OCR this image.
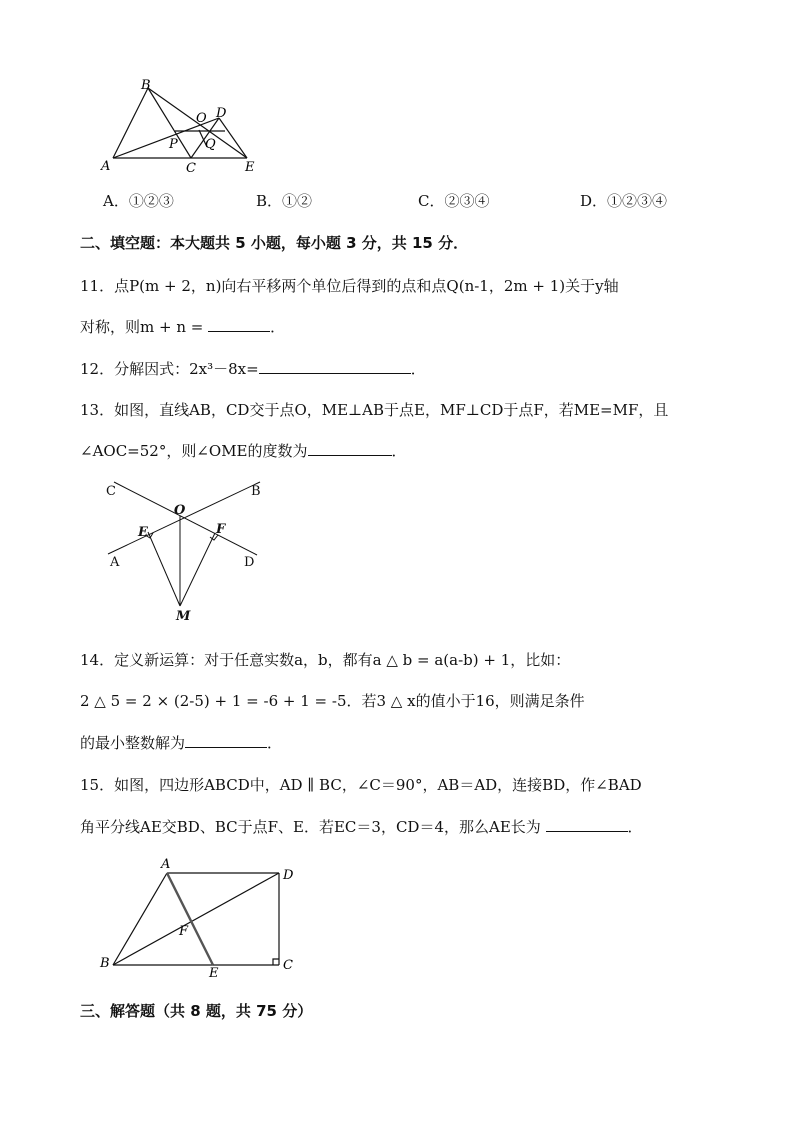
B
O D
P Q
A	C	E
A．①②③	B．①②	C．②③④	D．①②③④
二、填空题：本大题共 5 小题，每小题 3 分，共 15 分．
11．点P(m + 2，n)向右平移两个单位后得到的点和点Q(n-1，2m + 1)关于y轴
对称，则m + n =	．
12．分解因式：2x³－8x=	．
13．如图，直线AB，CD交于点O，ME⊥AB于点E，MF⊥CD于点F，若ME=MF，且
∠AOC=52°，则∠OME的度数为	．
C	B
O
E	F
A	D
M
14．定义新运算：对于任意实数a，b，都有a △ b = a(a-b) + 1，比如：
2 △ 5 = 2 × (2-5) + 1 = -6 + 1 = -5．若3 △ x的值小于16，则满足条件
的最小整数解为	．
15．如图，四边形ABCD中，AD ∥ BC，∠C＝90°，AB＝AD，连接BD，作∠BAD
角平分线AE交BD、BC于点F、E．若EC＝3，CD＝4，那么AE长为	．
A
D
F
B
E
C
三、解答题（共 8 题，共 75 分）
